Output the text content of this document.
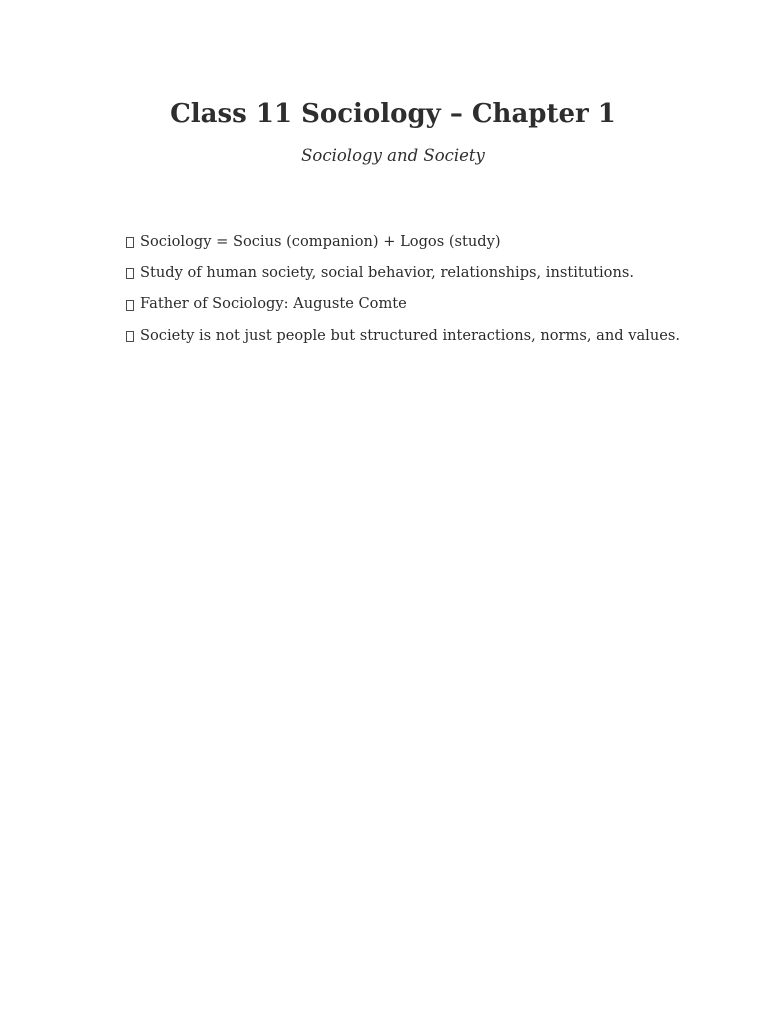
Class 11 Sociology – Chapter 1

Sociology and Society

Sociology = Socius (companion) + Logos (study)
Study of human society, social behavior, relationships, institutions.
Father of Sociology: Auguste Comte
Society is not just people but structured interactions, norms, and values.
